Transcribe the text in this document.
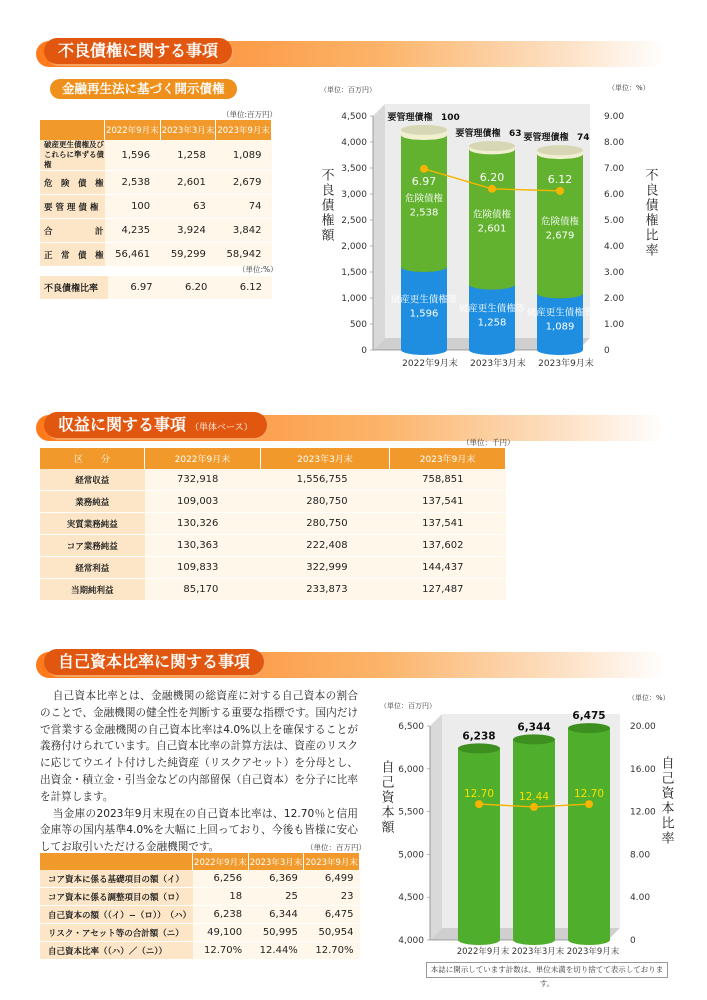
不良債権に関する事項
金融再生法に基づく開示債権
（単位:百万円）
	2022年9月末	2023年3月末	2023年9月末
破産更生債権及び
これらに準ずる債権	1,596	1,258	1,089
危　険　債　権	2,538	2,601	2,679
要 管 理 債 権	100	63	74
合　　　　　計	4,235	3,924	3,842
正　常　債　権	56,461	59,299	58,942
（単位:%）
不良債権比率	6.97	6.20	6.12
0
500
1,000
1,500
2,000
2,500
3,000
3,500
4,000
4,500
0
1.00
2.00
3.00
4.00
5.00
6.00
7.00
8.00
9.00
（単位：百万円）	（単位：%）
不良債権額	不良債権比率
破産更生債権等
1,596
危険債権
2,538
要管理債権 100
2022年9月末
破産更生債権等
1,258
危険債権
2,601
要管理債権 63
2023年3月末
破産更生債権等
1,089
危険債権
2,679
要管理債権 74
2023年9月末
6.97	6.20	6.12
収益に関する事項 （単体ベース）
（単位：千円）
区　　分	2022年9月末	2023年3月末	2023年9月末
経常収益	732,918	1,556,755	758,851
業務純益	109,003	280,750	137,541
実質業務純益	130,326	280,750	137,541
コア業務純益	130,363	222,408	137,602
経常利益	109,833	322,999	144,437
当期純利益	85,170	233,873	127,487
自己資本比率に関する事項

自己資本比率とは、金融機関の総資産に対する自己資本の割合のことで、金融機関の健全性を判断する重要な指標です。国内だけで営業する金融機関の自己資本比率は4.0%以上を確保することが義務付けられています。自己資本比率の計算方法は、資産のリスクに応じてウエイト付けした純資産（リスクアセット）を分母とし、出資金・積立金・引当金などの内部留保（自己資本）を分子に比率を計算します。

当金庫の2023年9月末現在の自己資本比率は、12.70％と信用金庫等の国内基準4.0%を大幅に上回っており、今後も皆様に安心してお取引いただける金融機関です。	（単位：百万円）
	2022年9月末	2023年3月末	2023年9月末
コア資本に係る基礎項目の額（イ）	6,256	6,369	6,499
コア資本に係る調整項目の額（ロ）	18	25	23
自己資本の額（（イ）−（ロ））　（ハ）	6,238	6,344	6,475
リスク・アセット等の合計額（ニ）	49,100	50,995	50,954
自己資本比率（（ハ）／（ニ））	12.70%	12.44%	12.70%
4,000
4,500
5,000
5,500
6,000
6,500
0
4.00
8.00
12.00
16.00
20.00
（単位：百万円）
（単位：%）
自己資本額	自己資本比率
6,238
2022年9月末
6,344
2023年3月末
6,475
2023年9月末
12.70 12.44 12.70
本誌に開示しています計数は、単位未満を切り捨てて表示しております。
